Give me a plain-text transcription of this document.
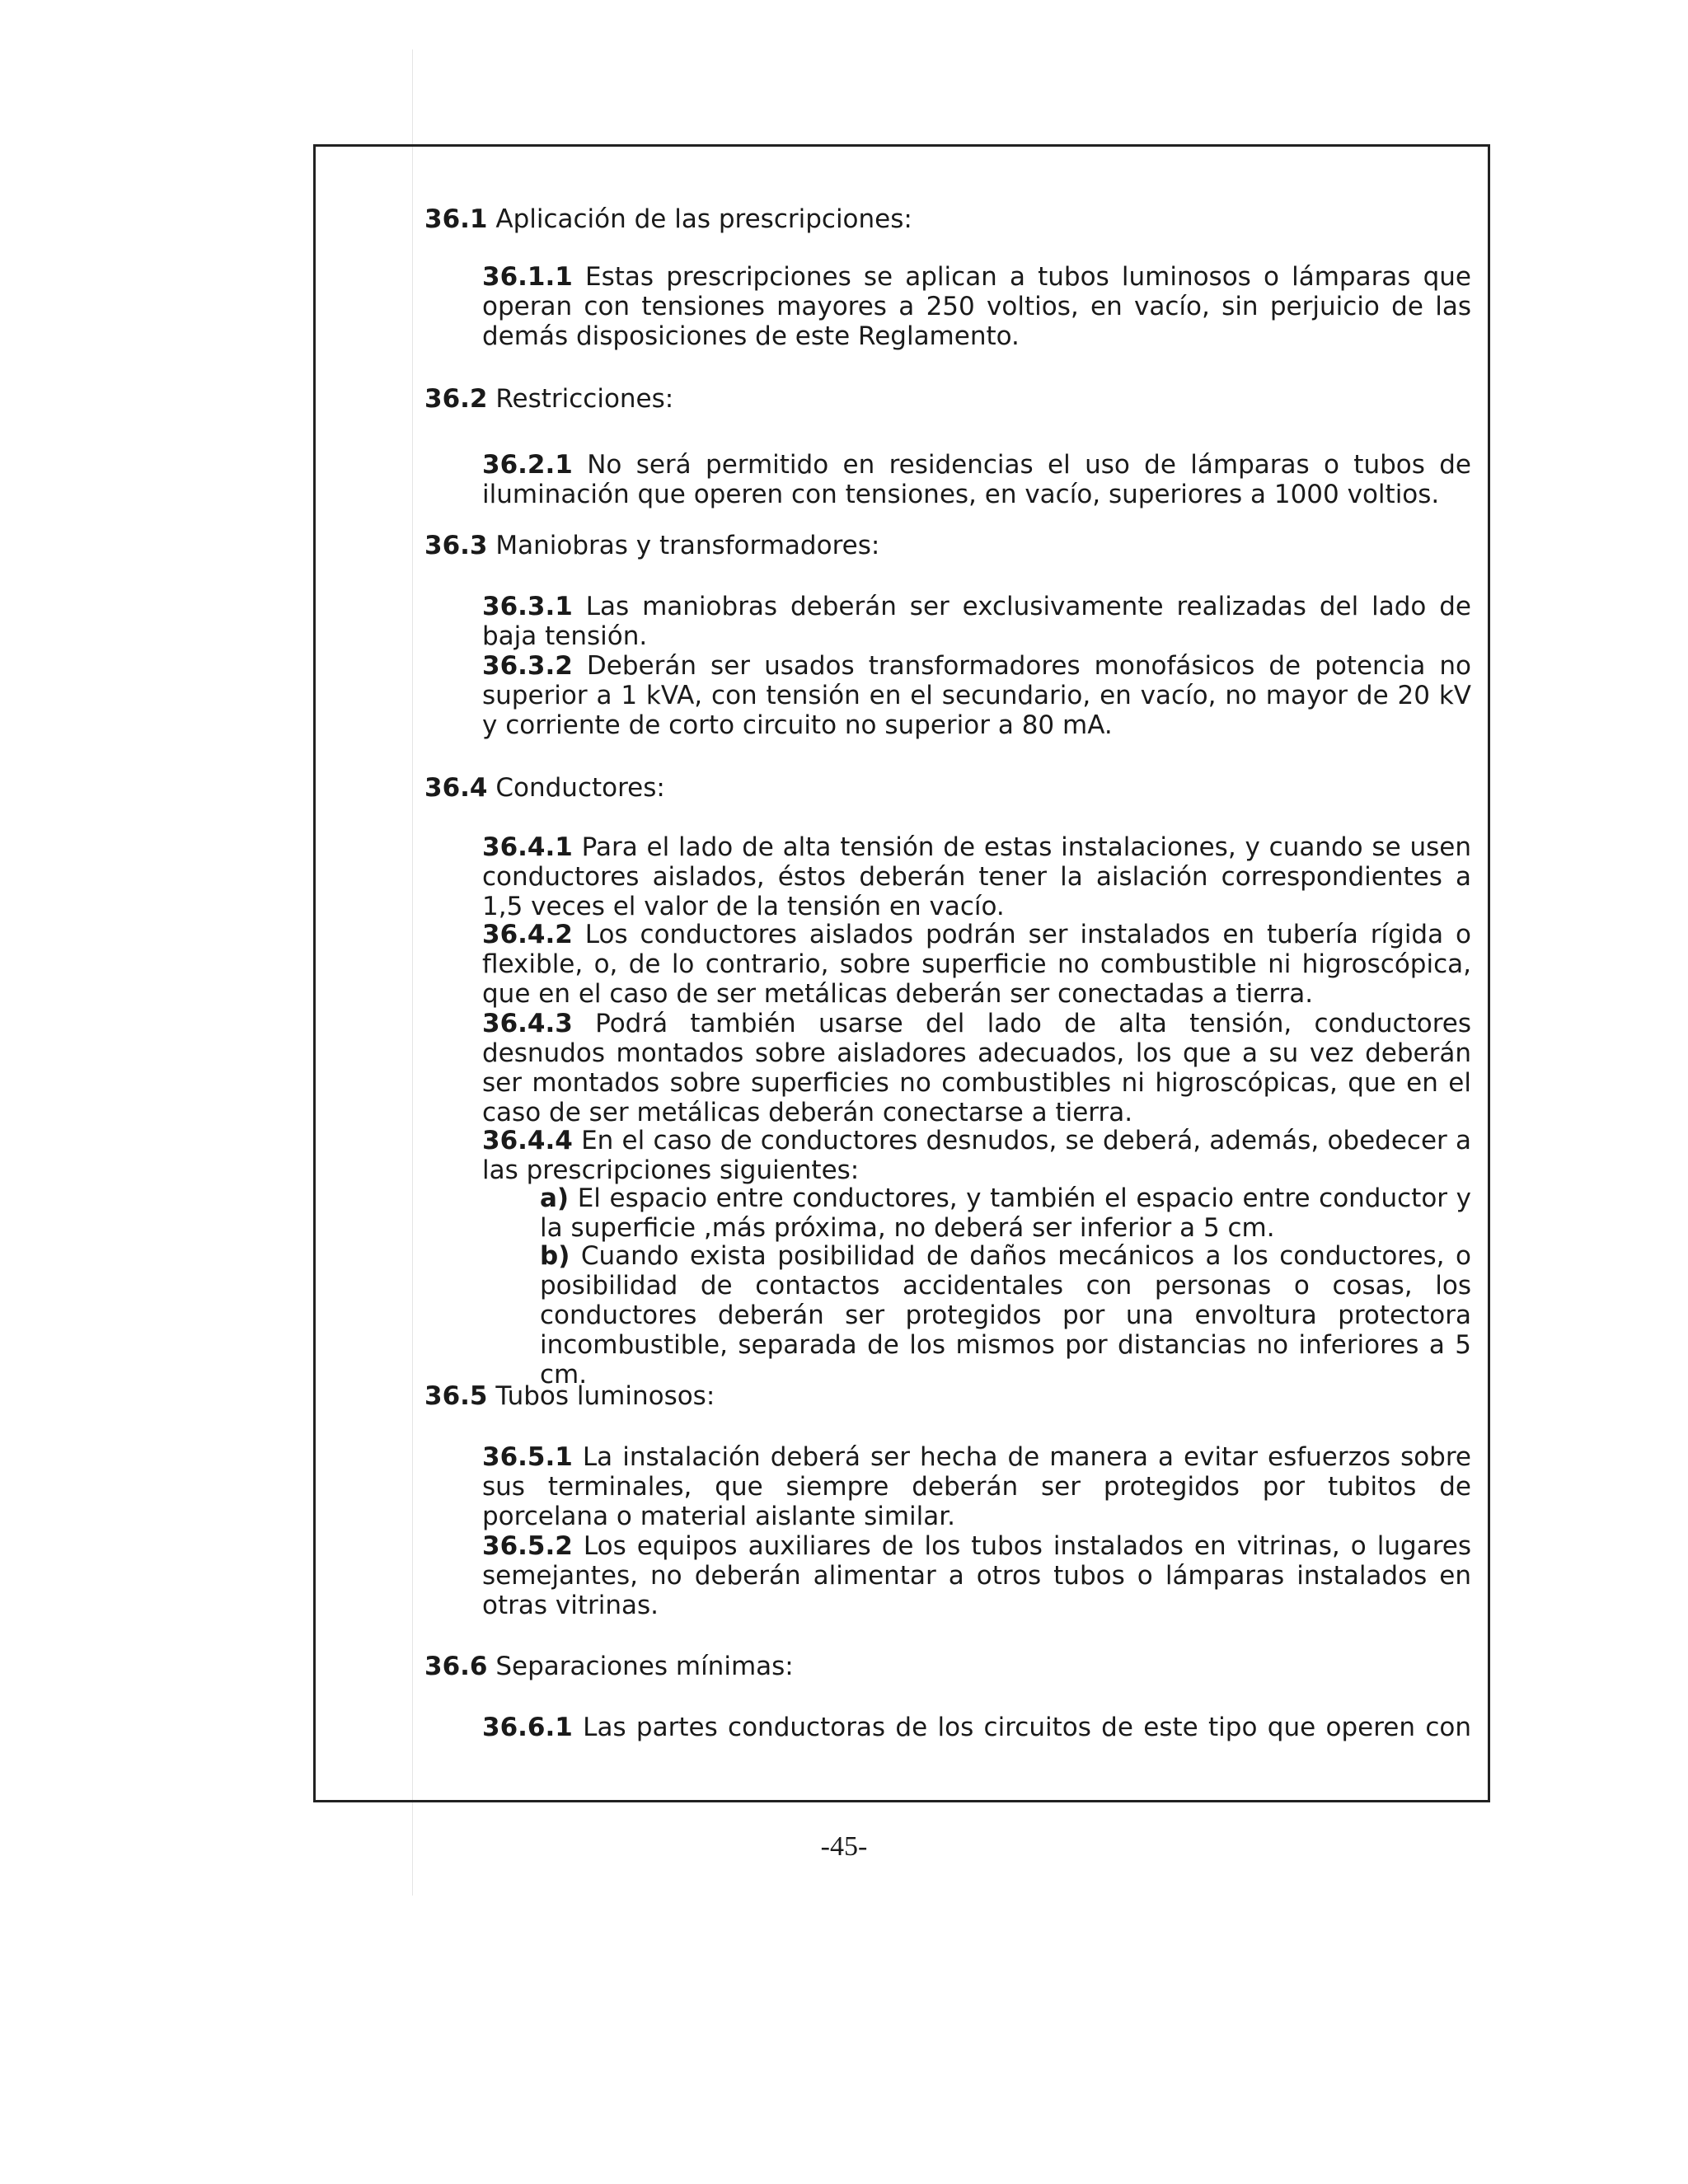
36.1 Aplicación de las prescripciones:
36.1.1 Estas prescripciones se aplican a tubos luminosos o lámparas que operan con tensiones mayores a 250 voltios, en vacío, sin perjuicio de las demás disposiciones de este Reglamento.
36.2 Restricciones:
36.2.1 No será permitido en residencias el uso de lámparas o tubos de iluminación que operen con tensiones, en vacío, superiores a 1000 voltios.
36.3 Maniobras y transformadores:
36.3.1 Las maniobras deberán ser exclusivamente realizadas del lado de baja tensión.
36.3.2 Deberán ser usados transformadores monofásicos de potencia no superior a 1 kVA, con tensión en el secundario, en vacío, no mayor de 20 kV y corriente de corto circuito no superior a 80 mA.
36.4 Conductores:
36.4.1 Para el lado de alta tensión de estas instalaciones, y cuando se usen conductores aislados, éstos deberán tener la aislación correspondientes a 1,5 veces el valor de la tensión en vacío.
36.4.2 Los conductores aislados podrán ser instalados en tubería rígida o flexible, o, de lo contrario, sobre superficie no combustible ni higroscópica, que en el caso de ser metálicas deberán ser conectadas a tierra.
36.4.3 Podrá también usarse del lado de alta tensión, conductores desnudos montados sobre aisladores adecuados, los que a su vez deberán ser montados sobre superficies no combustibles ni higroscópicas, que en el caso de ser metálicas deberán conectarse a tierra.
36.4.4 En el caso de conductores desnudos, se deberá, además, obedecer a las prescripciones siguientes:
a) El espacio entre conductores, y también el espacio entre conductor y la superficie ,más próxima, no deberá ser inferior a 5 cm.
b) Cuando exista posibilidad de daños mecánicos a los conductores, o posibilidad de contactos accidentales con personas o cosas, los conductores deberán ser protegidos por una envoltura protectora incombustible, separada de los mismos por distancias no inferiores a 5 cm.
36.5 Tubos luminosos:
36.5.1 La instalación deberá ser hecha de manera a evitar esfuerzos sobre sus terminales, que siempre deberán ser protegidos por tubitos de porcelana o material aislante similar.
36.5.2 Los equipos auxiliares de los tubos instalados en vitrinas, o lugares semejantes, no deberán alimentar a otros tubos o lámparas instalados en otras vitrinas.
36.6 Separaciones mínimas:
36.6.1 Las partes conductoras de los circuitos de este tipo que operen con
-45-
